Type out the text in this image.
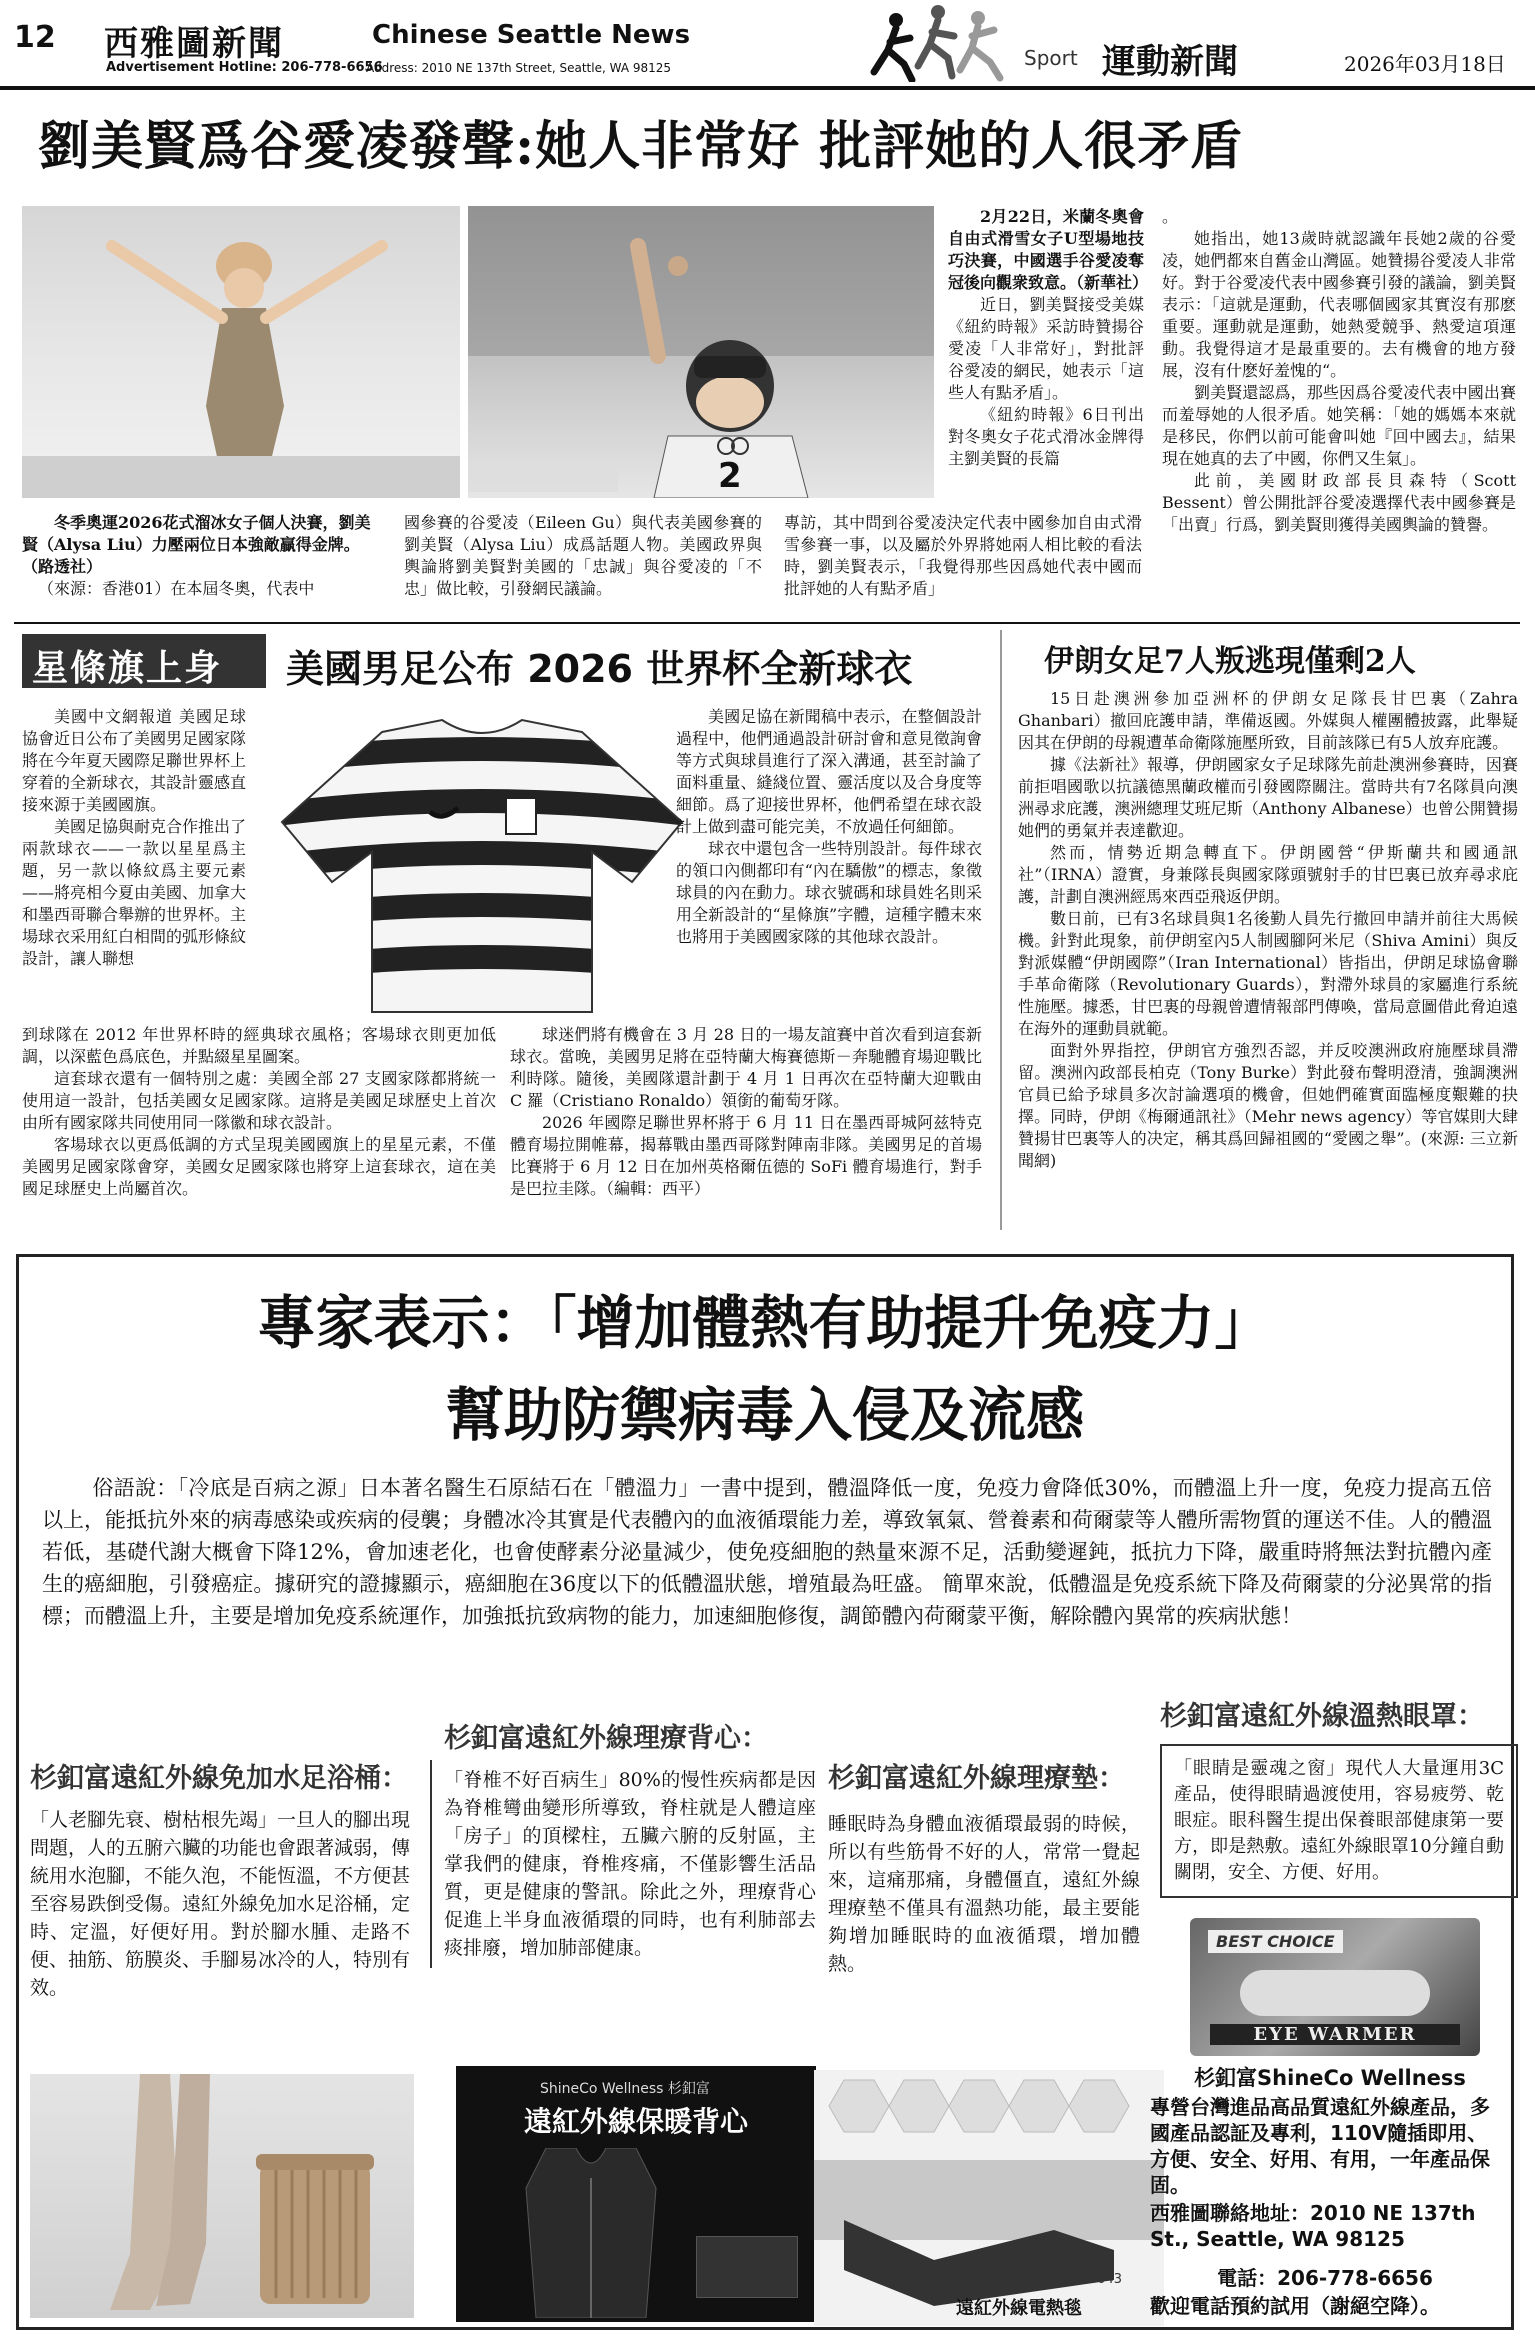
12 西雅圖新聞	Chinese Seattle News
Advertisement Hotline: 206-778-6656
Address: 2010 NE 137th Street, Seattle, WA 98125	Sport 運動新聞	2026年03月18日
劉美賢爲谷愛凌發聲:她人非常好 批評她的人很矛盾
2
冬季奧運2026花式溜冰女子個人決賽，劉美賢（Alysa Liu）力壓兩位日本強敵贏得金牌。（路透社）
（來源：香港01）在本屆冬奧，代表中

國參賽的谷愛凌（Eileen Gu）與代表美國參賽的劉美賢（Alysa Liu）成爲話題人物。美國政界與輿論將劉美賢對美國的「忠誠」與谷愛凌的「不忠」做比較，引發網民議論。

專訪，其中問到谷愛凌決定代表中國參加自由式滑雪參賽一事，以及屬於外界將她兩人相比較的看法時，劉美賢表示，「我覺得那些因爲她代表中國而批評她的人有點矛盾」

2月22日，米蘭冬奧會自由式滑雪女子U型場地技巧決賽，中國選手谷愛凌奪冠後向觀衆致意。（新華社）

近日，劉美賢接受美媒《紐約時報》采訪時贊揚谷愛凌「人非常好」，對批評谷愛凌的網民，她表示「這些人有點矛盾」。

《紐約時報》6日刊出對冬奧女子花式滑冰金牌得主劉美賢的長篇

。

她指出，她13歲時就認識年長她2歲的谷愛凌，她們都來自舊金山灣區。她贊揚谷愛凌人非常好。對于谷愛凌代表中國參賽引發的議論，劉美賢表示：「這就是運動，代表哪個國家其實沒有那麽重要。運動就是運動，她熱愛競爭、熱愛這項運動。我覺得這才是最重要的。去有機會的地方發展，沒有什麽好羞愧的“。

劉美賢還認爲，那些因爲谷愛凌代表中國出賽而羞辱她的人很矛盾。她笑稱：「她的媽媽本來就是移民，你們以前可能會叫她『回中國去』，結果現在她真的去了中國，你們又生氣」。

此前，美國財政部長貝森特（Scott Bessent）曾公開批評谷愛凌選擇代表中國參賽是「出賣」行爲，劉美賢則獲得美國輿論的贊譽。

星條旗上身 美國男足公布 2026 世界杯全新球衣

美國中文網報道 美國足球協會近日公布了美國男足國家隊將在今年夏天國際足聯世界杯上穿着的全新球衣，其設計靈感直接來源于美國國旗。

美國足協與耐克合作推出了兩款球衣——一款以星星爲主題，另一款以條紋爲主要元素——將亮相今夏由美國、加拿大和墨西哥聯合舉辦的世界杯。主場球衣采用紅白相間的弧形條紋設計，讓人聯想

到球隊在 2012 年世界杯時的經典球衣風格；客場球衣則更加低調，以深藍色爲底色，并點綴星星圖案。

這套球衣還有一個特別之處：美國全部 27 支國家隊都將統一使用這一設計，包括美國女足國家隊。這將是美國足球歷史上首次由所有國家隊共同使用同一隊徽和球衣設計。

客場球衣以更爲低調的方式呈現美國國旗上的星星元素，不僅美國男足國家隊會穿，美國女足國家隊也將穿上這套球衣，這在美國足球歷史上尚屬首次。

美國足協在新聞稿中表示，在整個設計過程中，他們通過設計研討會和意見徵詢會等方式與球員進行了深入溝通，甚至討論了面料重量、縫綫位置、靈活度以及合身度等細節。爲了迎接世界杯，他們希望在球衣設計上做到盡可能完美，不放過任何細節。

球衣中還包含一些特別設計。每件球衣的領口內側都印有“內在驕傲”的標志，象徵球員的內在動力。球衣號碼和球員姓名則采用全新設計的“星條旗”字體，這種字體末來也將用于美國國家隊的其他球衣設計。

球迷們將有機會在 3 月 28 日的一場友誼賽中首次看到這套新球衣。當晚，美國男足將在亞特蘭大梅賽德斯－奔馳體育場迎戰比利時隊。隨後，美國隊還計劃于 4 月 1 日再次在亞特蘭大迎戰由 C 羅（Cristiano Ronaldo）領銜的葡萄牙隊。

2026 年國際足聯世界杯將于 6 月 11 日在墨西哥城阿兹特克體育場拉開帷幕，揭幕戰由墨西哥隊對陣南非隊。美國男足的首場比賽將于 6 月 12 日在加州英格爾伍德的 SoFi 體育場進行，對手是巴拉圭隊。（編輯：西平）

伊朗女足7人叛逃現僅剩2人

15日赴澳洲參加亞洲杯的伊朗女足隊長甘巴裏（Zahra Ghanbari）撤回庇護申請，準備返國。外媒與人權團體披露，此舉疑因其在伊朗的母親遭革命衛隊施壓所致，目前該隊已有5人放弃庇護。

據《法新社》報導，伊朗國家女子足球隊先前赴澳洲參賽時，因賽前拒唱國歌以抗議德黑蘭政權而引發國際關注。當時共有7名隊員向澳洲尋求庇護，澳洲總理艾班尼斯（Anthony Albanese）也曾公開贊揚她們的勇氣并表達歡迎。

然而，情勢近期急轉直下。伊朗國營“伊斯蘭共和國通訊社”（IRNA）證實，身兼隊長與國家隊頭號射手的甘巴裏已放弃尋求庇護，計劃自澳洲經馬來西亞飛返伊朗。

數日前，已有3名球員與1名後勤人員先行撤回申請并前往大馬候機。針對此現象，前伊朗室內5人制國腳阿米尼（Shiva Amini）與反對派媒體“伊朗國際”（Iran International）皆指出，伊朗足球協會聯手革命衛隊（Revolutionary Guards），對滯外球員的家屬進行系統性施壓。據悉，甘巴裏的母親曾遭情報部門傳喚，當局意圖借此脅迫遠在海外的運動員就範。

面對外界指控，伊朗官方強烈否認，并反咬澳洲政府施壓球員滯留。澳洲內政部長柏克（Tony Burke）對此發布聲明澄清，強調澳洲官員已給予球員多次討論選項的機會，但她們確實面臨極度艱難的抉擇。同時，伊朗《梅爾通訊社》（Mehr news agency）等官媒則大肆贊揚甘巴裏等人的决定，稱其爲回歸祖國的“愛國之舉”。(來源: 三立新聞網)

專家表示：「增加體熱有助提升免疫力」
幫助防禦病毒入侵及流感
俗語說：「冷底是百病之源」日本著名醫生石原結石在「體溫力」一書中提到，體溫降低一度，免疫力會降低30%，而體溫上升一度，免疫力提高五倍以上，能抵抗外來的病毒感染或疾病的侵襲；身體冰冷其實是代表體內的血液循環能力差，導致氧氣、營養素和荷爾蒙等人體所需物質的運送不佳。人的體溫若低，基礎代謝大概會下降12%，會加速老化，也會使酵素分泌量減少，使免疫細胞的熱量來源不足，活動變遲鈍，抵抗力下降，嚴重時將無法對抗體內產生的癌細胞，引發癌症。據研究的證據顯示，癌細胞在36度以下的低體溫狀態，增殖最為旺盛。 簡單來說，低體溫是免疫系統下降及荷爾蒙的分泌異常的指標；而體溫上升，主要是增加免疫系統運作，加強抵抗致病物的能力，加速細胞修復，調節體內荷爾蒙平衡，解除體內異常的疾病狀態！
杉釦富遠紅外線免加水足浴桶：
「人老腳先衰、樹枯根先竭」一旦人的腳出現問題，人的五腑六臟的功能也會跟著減弱，傳統用水泡腳，不能久泡，不能恆溫，不方便甚至容易跌倒受傷。遠紅外線免加水足浴桶，定時、定溫，好便好用。對於腳水腫、走路不便、抽筋、筋膜炎、手腳易冰冷的人，特別有效。
杉釦富遠紅外線理療背心：
「脊椎不好百病生」80%的慢性疾病都是因為脊椎彎曲變形所導致，脊柱就是人體這座「房子」的頂樑柱，五臟六腑的反射區，主掌我們的健康，脊椎疼痛，不僅影響生活品質，更是健康的警訊。除此之外，理療背心促進上半身血液循環的同時，也有利肺部去痰排廢，增加肺部健康。
杉釦富遠紅外線理療墊：
睡眠時為身體血液循環最弱的時候，所以有些筋骨不好的人，常常一覺起來，這痛那痛，身體僵直，遠紅外線理療墊不僅具有溫熱功能，最主要能夠增加睡眠時的血液循環，增加體熱。
杉釦富遠紅外線溫熱眼罩：
「眼睛是靈魂之窗」現代人大量運用3C產品，使得眼睛過渡使用，容易疲勞、乾眼症。眼科醫生提出保養眼部健康第一要方，即是熱敷。遠紅外線眼罩10分鐘自動關閉，安全、方便、好用。
BEST CHOICE
EYE WARMER
ShineCo Wellness 杉釦富
遠紅外線保暖背心
HR-5043
遠紅外線電熱毯
杉釦富ShineCo Wellness
專營台灣進品高品質遠紅外線產品，多國產品認証及專利，110V隨插即用、方便、安全、好用、有用，一年產品保固。
西雅圖聯絡地址：2010 NE 137th St., Seattle, WA 98125
電話：206-778-6656
歡迎電話預約試用（謝絕空降）。
